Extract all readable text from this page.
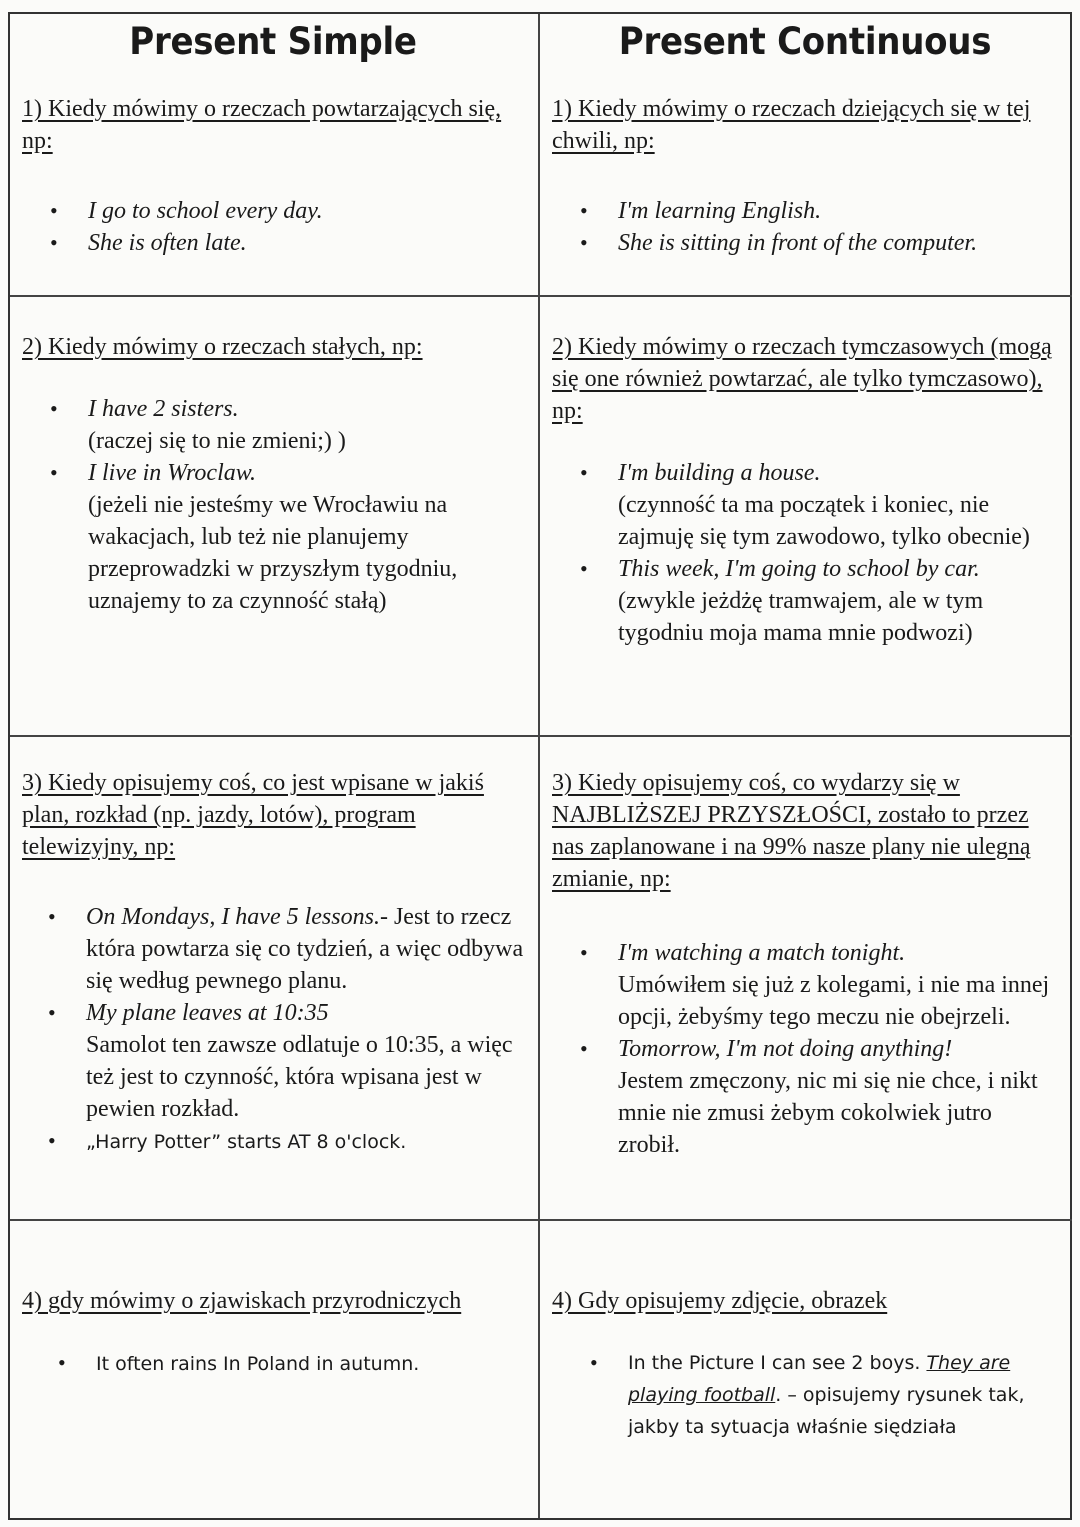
Present Simple

1) Kiedy mówimy o rzeczach powtarzających się, np:

• I go to school every day.
• She is often late.
Present Continuous

1) Kiedy mówimy o rzeczach dziejących się w tej chwili, np:

• I'm learning English.
• She is sitting in front of the computer.

2) Kiedy mówimy o rzeczach stałych, np:

• I have 2 sisters.
(raczej się to nie zmieni;) )
• I live in Wroclaw.
(jeżeli nie jesteśmy we Wrocławiu na wakacjach, lub też nie planujemy przeprowadzki w przyszłym tygodniu, uznajemy to za czynność stałą)

2) Kiedy mówimy o rzeczach tymczasowych (mogą się one również powtarzać, ale tylko tymczasowo), np:

• I'm building a house.
(czynność ta ma początek i koniec, nie zajmuję się tym zawodowo, tylko obecnie)
• This week, I'm going to school by car.
(zwykle jeżdżę tramwajem, ale w tym tygodniu moja mama mnie podwozi)

3) Kiedy opisujemy coś, co jest wpisane w jakiś plan, rozkład (np. jazdy, lotów), program telewizyjny, np:

• On Mondays, I have 5 lessons.- Jest to rzecz która powtarza się co tydzień, a więc odbywa się według pewnego planu.
• My plane leaves at 10:35
Samolot ten zawsze odlatuje o 10:35, a więc też jest to czynność, która wpisana jest w pewien rozkład.
• „Harry Potter” starts AT 8 o'clock.

3) Kiedy opisujemy coś, co wydarzy się w NAJBLIŻSZEJ PRZYSZŁOŚCI, zostało to przez nas zaplanowane i na 99% nasze plany nie ulegną zmianie, np:

• I'm watching a match tonight.
Umówiłem się już z kolegami, i nie ma innej opcji, żebyśmy tego meczu nie obejrzeli.
• Tomorrow, I'm not doing anything!
Jestem zmęczony, nic mi się nie chce, i nikt mnie nie zmusi żebym cokolwiek jutro zrobił.

4) gdy mówimy o zjawiskach przyrodniczych

• It often rains In Poland in autumn.

4) Gdy opisujemy zdjęcie, obrazek

• In the Picture I can see 2 boys. They are playing football. – opisujemy rysunek tak, jakby ta sytuacja właśnie siędziała
